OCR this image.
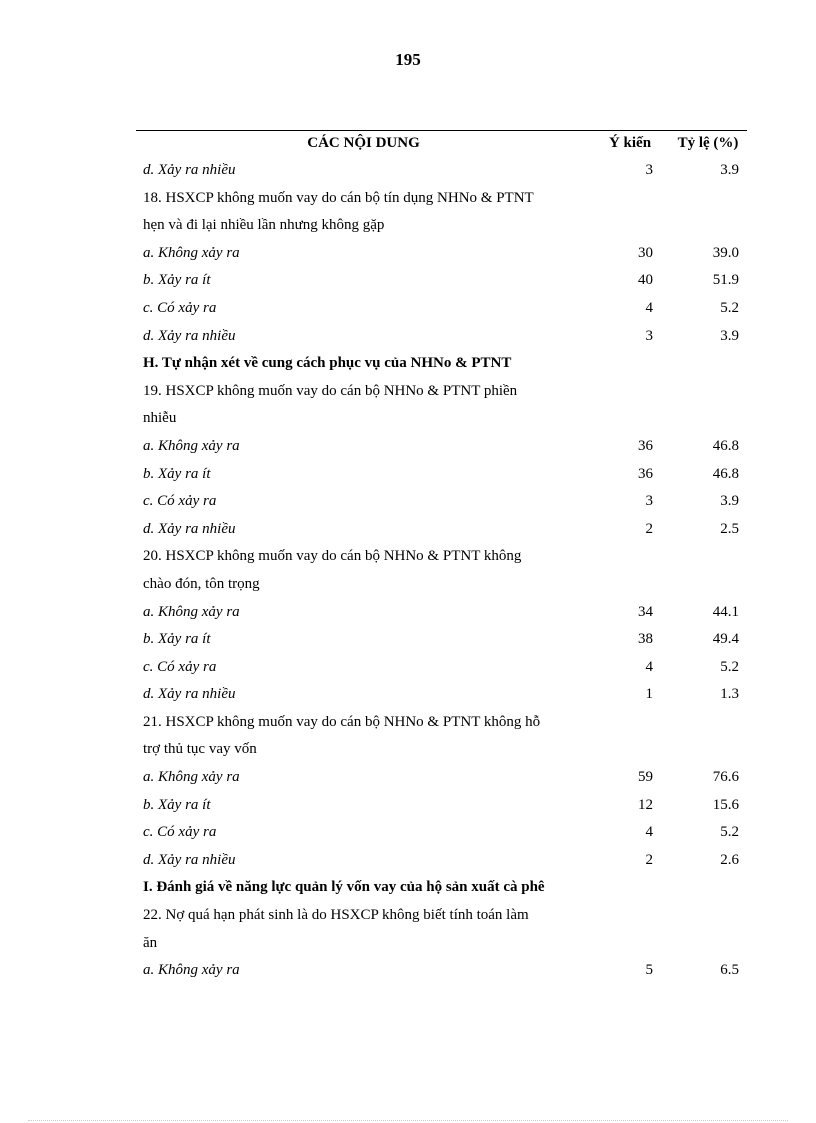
195
CÁC NỘI DUNG	Ý kiến	Tỷ lệ (%)
d. Xảy ra nhiều	3	3.9
18. HSXCP không muốn vay do cán bộ tín dụng NHNo & PTNT
hẹn và đi lại nhiều lần nhưng không gặp
a. Không xảy ra	30	39.0
b. Xảy ra ít	40	51.9
c. Có xảy ra	4	5.2
d. Xảy ra nhiều	3	3.9
H. Tự nhận xét về cung cách phục vụ của NHNo & PTNT
19. HSXCP không muốn vay do cán bộ NHNo & PTNT phiền
nhiễu
a. Không xảy ra	36	46.8
b. Xảy ra ít	36	46.8
c. Có xảy ra	3	3.9
d. Xảy ra nhiều	2	2.5
20. HSXCP không muốn vay do cán bộ NHNo & PTNT không
chào đón, tôn trọng
a. Không xảy ra	34	44.1
b. Xảy ra ít	38	49.4
c. Có xảy ra	4	5.2
d. Xảy ra nhiều	1	1.3
21. HSXCP không muốn vay do cán bộ NHNo & PTNT không hỗ
trợ thủ tục vay vốn
a. Không xảy ra	59	76.6
b. Xảy ra ít	12	15.6
c. Có xảy ra	4	5.2
d. Xảy ra nhiều	2	2.6
I. Đánh giá về năng lực quản lý vốn vay của hộ sản xuất cà phê
22. Nợ quá hạn phát sinh là do HSXCP không biết tính toán làm
ăn
a. Không xảy ra	5	6.5
